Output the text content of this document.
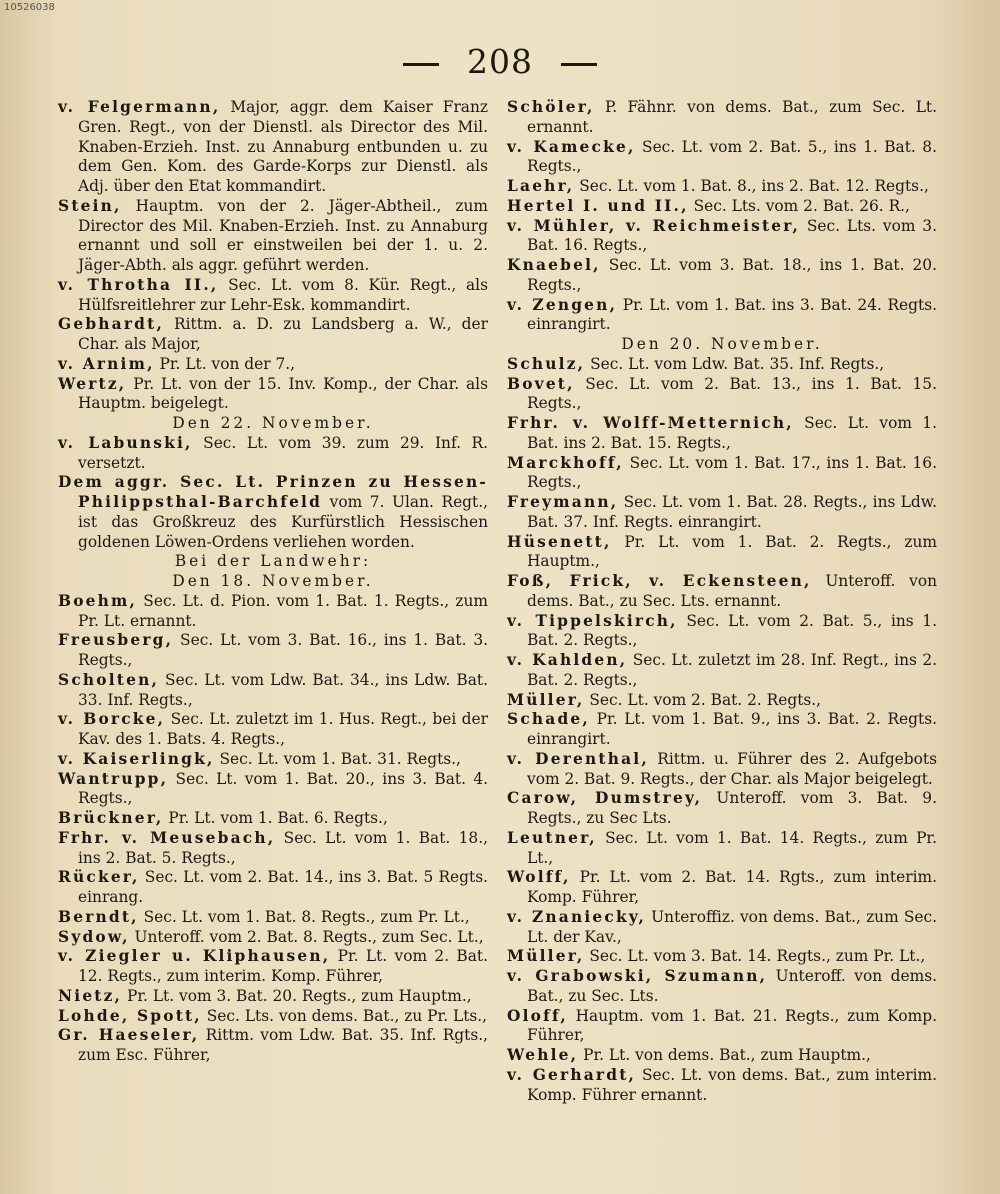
10526038
208

v. Felgermann, Major, aggr. dem Kaiser Franz Gren. Regt., von der Dienstl. als Director des Mil. Knaben-Erzieh. Inst. zu Annaburg entbunden u. zu dem Gen. Kom. des Garde-Korps zur Dienstl. als Adj. über den Etat kommandirt.

Stein, Hauptm. von der 2. Jäger-Abtheil., zum Director des Mil. Knaben-Erzieh. Inst. zu Annaburg ernannt und soll er einstweilen bei der 1. u. 2. Jäger-Abth. als aggr. geführt werden.

v. Throtha II., Sec. Lt. vom 8. Kür. Regt., als Hülfsreitlehrer zur Lehr-Esk. kommandirt.

Gebhardt, Rittm. a. D. zu Landsberg a. W., der Char. als Major,

v. Arnim, Pr. Lt. von der 7.,

Wertz, Pr. Lt. von der 15. Inv. Komp., der Char. als Hauptm. beigelegt.

Den 22. November.

v. Labunski, Sec. Lt. vom 39. zum 29. Inf. R. versetzt.

Dem aggr. Sec. Lt. Prinzen zu Hessen-Philippsthal-Barchfeld vom 7. Ulan. Regt., ist das Großkreuz des Kurfürstlich Hessischen goldenen Löwen-Ordens verliehen worden.

Bei der Landwehr:

Den 18. November.

Boehm, Sec. Lt. d. Pion. vom 1. Bat. 1. Regts., zum Pr. Lt. ernannt.

Freusberg, Sec. Lt. vom 3. Bat. 16., ins 1. Bat. 3. Regts.,

Scholten, Sec. Lt. vom Ldw. Bat. 34., ins Ldw. Bat. 33. Inf. Regts.,

v. Borcke, Sec. Lt. zuletzt im 1. Hus. Regt., bei der Kav. des 1. Bats. 4. Regts.,

v. Kaiserlingk, Sec. Lt. vom 1. Bat. 31. Regts.,

Wantrupp, Sec. Lt. vom 1. Bat. 20., ins 3. Bat. 4. Regts.,

Brückner, Pr. Lt. vom 1. Bat. 6. Regts.,

Frhr. v. Meusebach, Sec. Lt. vom 1. Bat. 18., ins 2. Bat. 5. Regts.,

Rücker, Sec. Lt. vom 2. Bat. 14., ins 3. Bat. 5 Regts. einrang.

Berndt, Sec. Lt. vom 1. Bat. 8. Regts., zum Pr. Lt.,

Sydow, Unteroff. vom 2. Bat. 8. Regts., zum Sec. Lt.,

v. Ziegler u. Kliphausen, Pr. Lt. vom 2. Bat. 12. Regts., zum interim. Komp. Führer,

Nietz, Pr. Lt. vom 3. Bat. 20. Regts., zum Hauptm.,

Lohde, Spott, Sec. Lts. von dems. Bat., zu Pr. Lts.,

Gr. Haeseler, Rittm. vom Ldw. Bat. 35. Inf. Rgts., zum Esc. Führer,

Schöler, P. Fähnr. von dems. Bat., zum Sec. Lt. ernannt.

v. Kamecke, Sec. Lt. vom 2. Bat. 5., ins 1. Bat. 8. Regts.,

Laehr, Sec. Lt. vom 1. Bat. 8., ins 2. Bat. 12. Regts.,

Hertel I. und II., Sec. Lts. vom 2. Bat. 26. R.,

v. Mühler, v. Reichmeister, Sec. Lts. vom 3. Bat. 16. Regts.,

Knaebel, Sec. Lt. vom 3. Bat. 18., ins 1. Bat. 20. Regts.,

v. Zengen, Pr. Lt. vom 1. Bat. ins 3. Bat. 24. Regts. einrangirt.

Den 20. November.

Schulz, Sec. Lt. vom Ldw. Bat. 35. Inf. Regts.,

Bovet, Sec. Lt. vom 2. Bat. 13., ins 1. Bat. 15. Regts.,

Frhr. v. Wolff-Metternich, Sec. Lt. vom 1. Bat. ins 2. Bat. 15. Regts.,

Marckhoff, Sec. Lt. vom 1. Bat. 17., ins 1. Bat. 16. Regts.,

Freymann, Sec. Lt. vom 1. Bat. 28. Regts., ins Ldw. Bat. 37. Inf. Regts. einrangirt.

Hüsenett, Pr. Lt. vom 1. Bat. 2. Regts., zum Hauptm.,

Foß, Frick, v. Eckensteen, Unteroff. von dems. Bat., zu Sec. Lts. ernannt.

v. Tippelskirch, Sec. Lt. vom 2. Bat. 5., ins 1. Bat. 2. Regts.,

v. Kahlden, Sec. Lt. zuletzt im 28. Inf. Regt., ins 2. Bat. 2. Regts.,

Müller, Sec. Lt. vom 2. Bat. 2. Regts.,

Schade, Pr. Lt. vom 1. Bat. 9., ins 3. Bat. 2. Regts. einrangirt.

v. Derenthal, Rittm. u. Führer des 2. Aufgebots vom 2. Bat. 9. Regts., der Char. als Major beigelegt.

Carow, Dumstrey, Unteroff. vom 3. Bat. 9. Regts., zu Sec Lts.

Leutner, Sec. Lt. vom 1. Bat. 14. Regts., zum Pr. Lt.,

Wolff, Pr. Lt. vom 2. Bat. 14. Rgts., zum interim. Komp. Führer,

v. Znaniecky, Unteroffiz. von dems. Bat., zum Sec. Lt. der Kav.,

Müller, Sec. Lt. vom 3. Bat. 14. Regts., zum Pr. Lt.,

v. Grabowski, Szumann, Unteroff. von dems. Bat., zu Sec. Lts.

Oloff, Hauptm. vom 1. Bat. 21. Regts., zum Komp. Führer,

Wehle, Pr. Lt. von dems. Bat., zum Hauptm.,

v. Gerhardt, Sec. Lt. von dems. Bat., zum interim. Komp. Führer ernannt.
